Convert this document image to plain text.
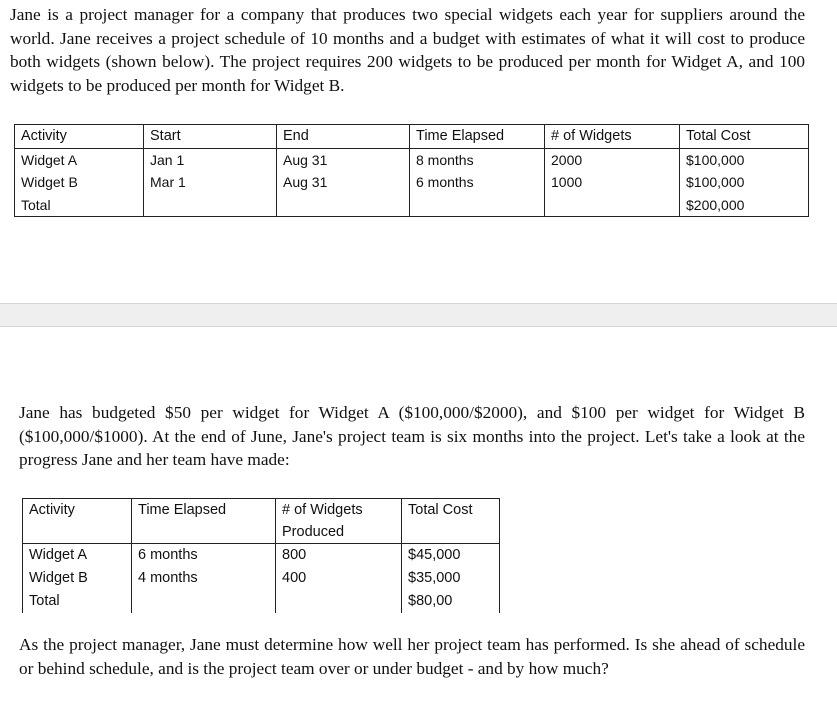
Jane is a project manager for a company that produces two special widgets each year for suppliers around the world. Jane receives a project schedule of 10 months and a budget with estimates of what it will cost to produce both widgets (shown below). The project requires 200 widgets to be produced per month for Widget A, and 100 widgets to be produced per month for Widget B.
Activity	Start	End	Time Elapsed	# of Widgets	Total Cost
Widget A	Jan 1	Aug 31	8 months	2000	$100,000
Widget B	Mar 1	Aug 31	6 months	1000	$100,000
Total					$200,000
Jane has budgeted $50 per widget for Widget A ($100,000/$2000), and $100 per widget for Widget B ($100,000/$1000). At the end of June, Jane's project team is six months into the project. Let's take a look at the progress Jane and her team have made:
Activity	Time Elapsed	# of Widgets Produced	Total Cost
Widget A	6 months	800	$45,000
Widget B	4 months	400	$35,000
Total			$80,00
As the project manager, Jane must determine how well her project team has performed. Is she ahead of schedule or behind schedule, and is the project team over or under budget - and by how much?
